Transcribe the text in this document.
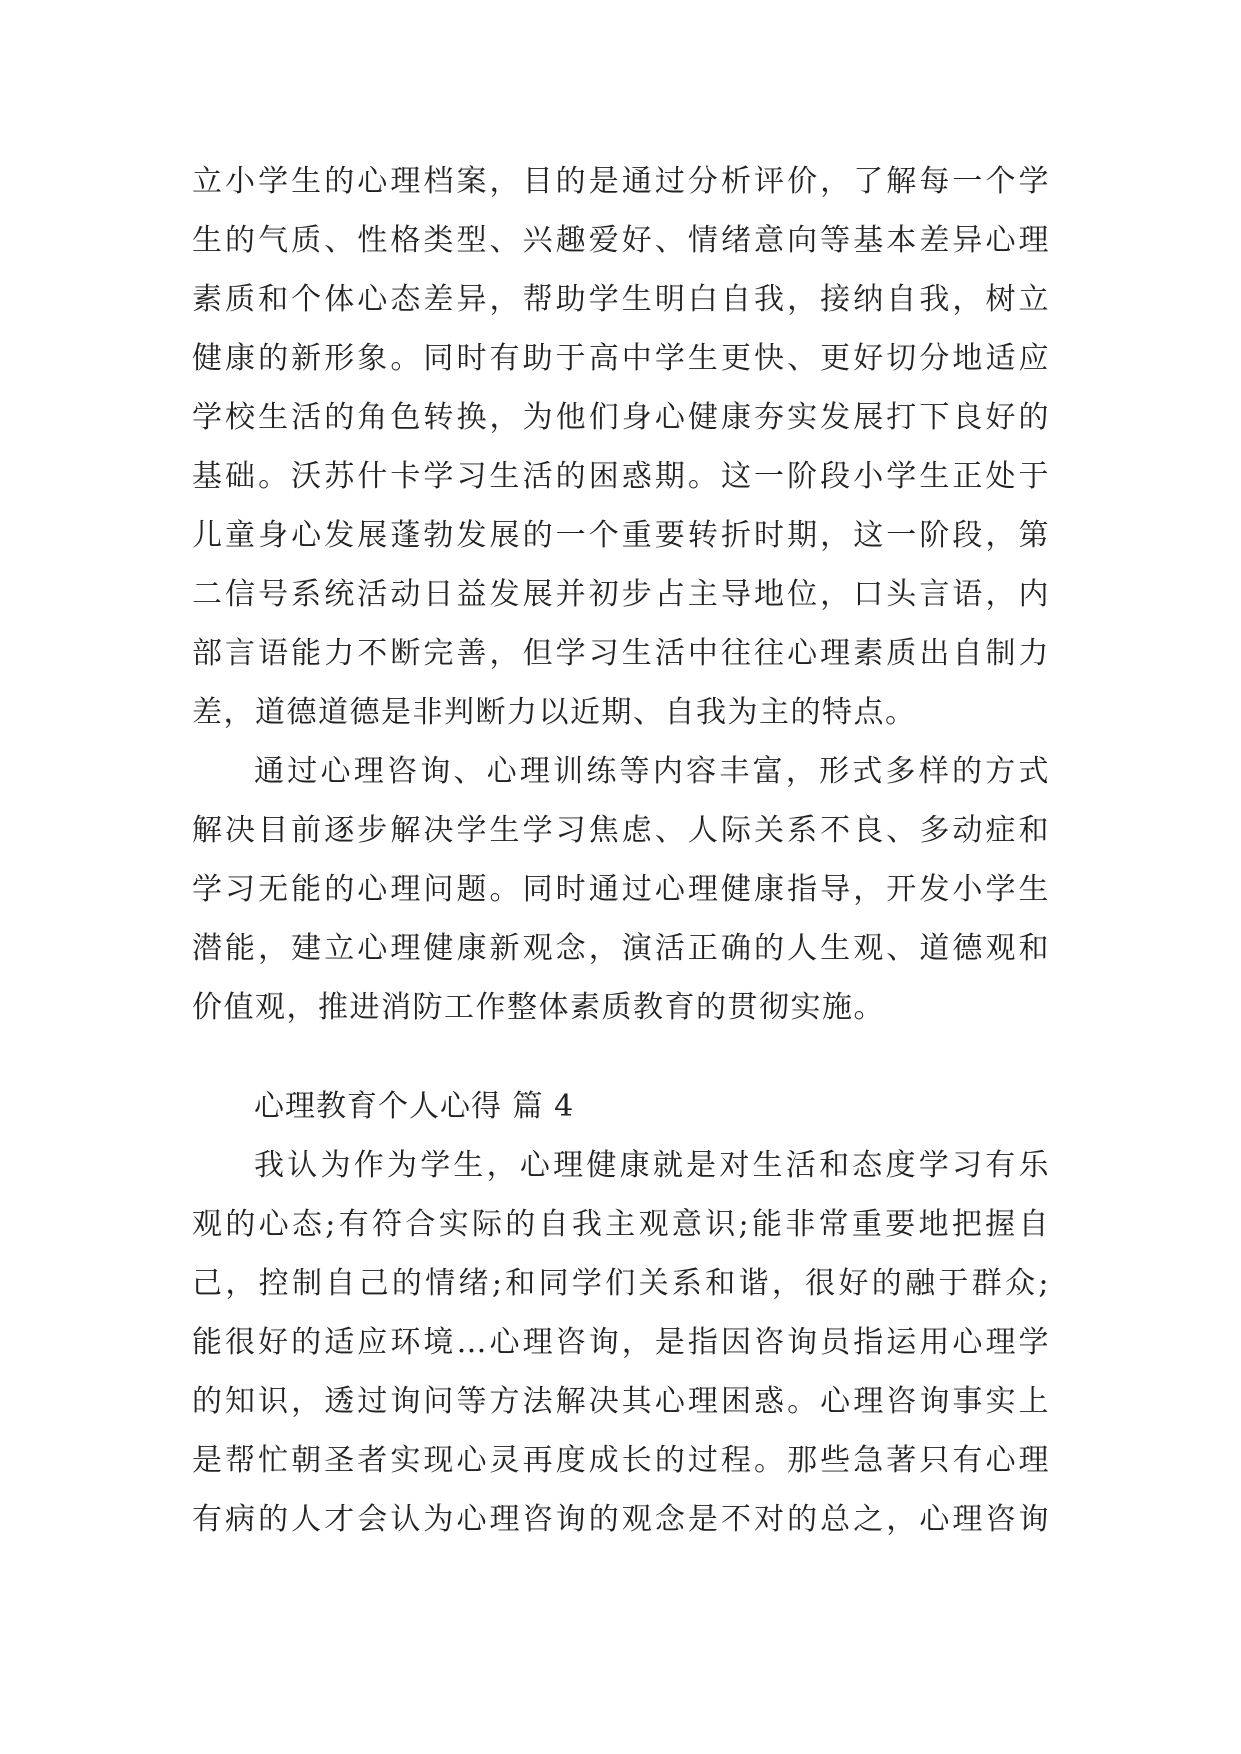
立小学生的心理档案，目的是通过分析评价，了解每一个学
生的气质、性格类型、兴趣爱好、情绪意向等基本差异心理
素质和个体心态差异，帮助学生明白自我，接纳自我，树立
健康的新形象。同时有助于高中学生更快、更好切分地适应
学校生活的角色转换，为他们身心健康夯实发展打下良好的
基础。沃苏什卡学习生活的困惑期。这一阶段小学生正处于
儿童身心发展蓬勃发展的一个重要转折时期，这一阶段，第
二信号系统活动日益发展并初步占主导地位，口头言语，内
部言语能力不断完善，但学习生活中往往心理素质出自制力
差，道德道德是非判断力以近期、自我为主的特点。
通过心理咨询、心理训练等内容丰富，形式多样的方式
解决目前逐步解决学生学习焦虑、人际关系不良、多动症和
学习无能的心理问题。同时通过心理健康指导，开发小学生
潜能，建立心理健康新观念，演活正确的人生观、道德观和
价值观，推进消防工作整体素质教育的贯彻实施。
心理教育个人心得 篇 4
我认为作为学生，心理健康就是对生活和态度学习有乐
观的心态;有符合实际的自我主观意识;能非常重要地把握自
己，控制自己的情绪;和同学们关系和谐，很好的融于群众;
能很好的适应环境…心理咨询，是指因咨询员指运用心理学
的知识，透过询问等方法解决其心理困惑。心理咨询事实上
是帮忙朝圣者实现心灵再度成长的过程。那些急著只有心理
有病的人才会认为心理咨询的观念是不对的总之，心理咨询
